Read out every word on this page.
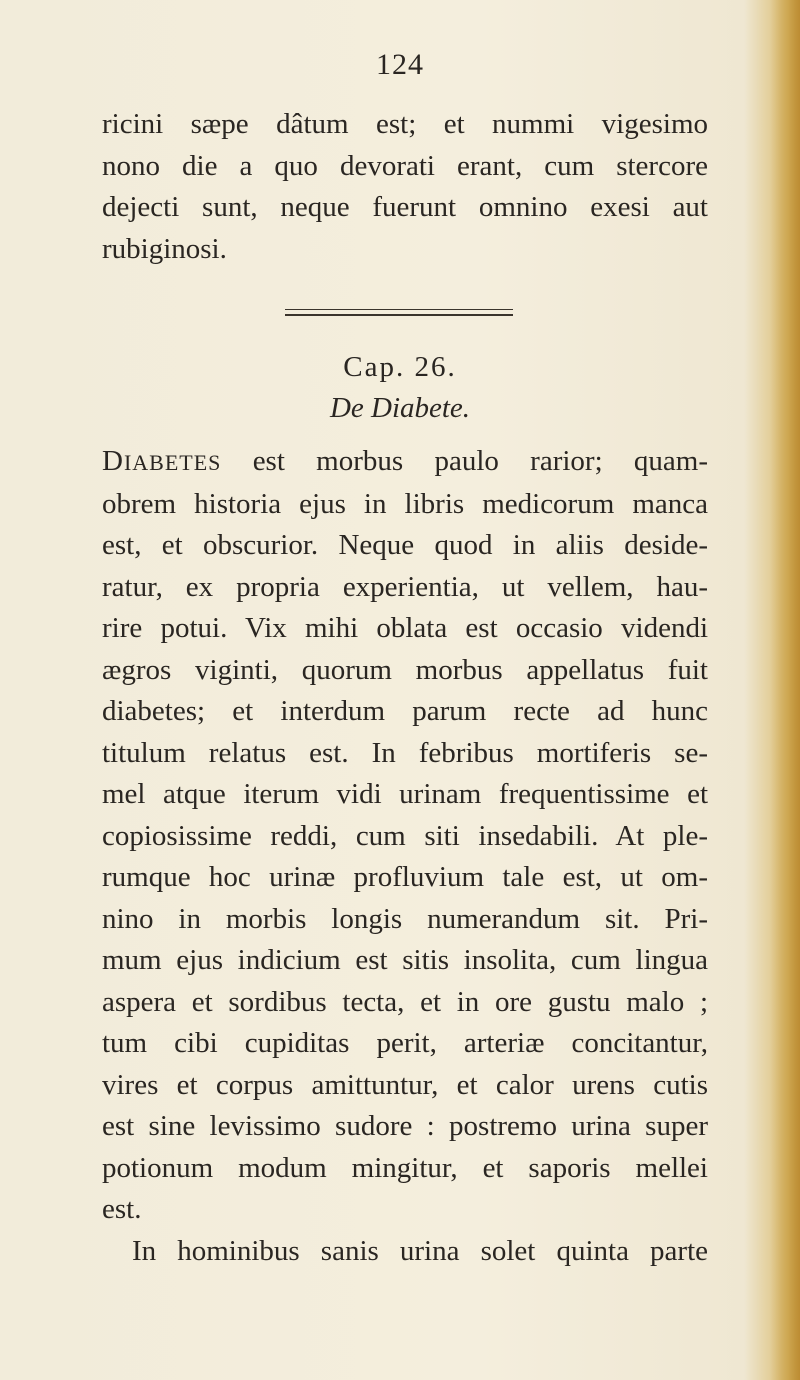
124
ricini sæpe dâtum est; et nummi vigesimo
nono die a quo devorati erant, cum stercore
dejecti sunt, neque fuerunt omnino exesi aut
rubiginosi.
Cap. 26.
De Diabete.
DIABETES est morbus paulo rarior; quam-
obrem historia ejus in libris medicorum manca
est, et obscurior. Neque quod in aliis deside-
ratur, ex propria experientia, ut vellem, hau-
rire potui. Vix mihi oblata est occasio videndi
ægros viginti, quorum morbus appellatus fuit
diabetes; et interdum parum recte ad hunc
titulum relatus est. In febribus mortiferis se-
mel atque iterum vidi urinam frequentissime et
copiosissime reddi, cum siti insedabili. At ple-
rumque hoc urinæ profluvium tale est, ut om-
nino in morbis longis numerandum sit. Pri-
mum ejus indicium est sitis insolita, cum lingua
aspera et sordibus tecta, et in ore gustu malo ;
tum cibi cupiditas perit, arteriæ concitantur,
vires et corpus amittuntur, et calor urens cutis
est sine levissimo sudore : postremo urina super
potionum modum mingitur, et saporis mellei
est.
In hominibus sanis urina solet quinta parte
